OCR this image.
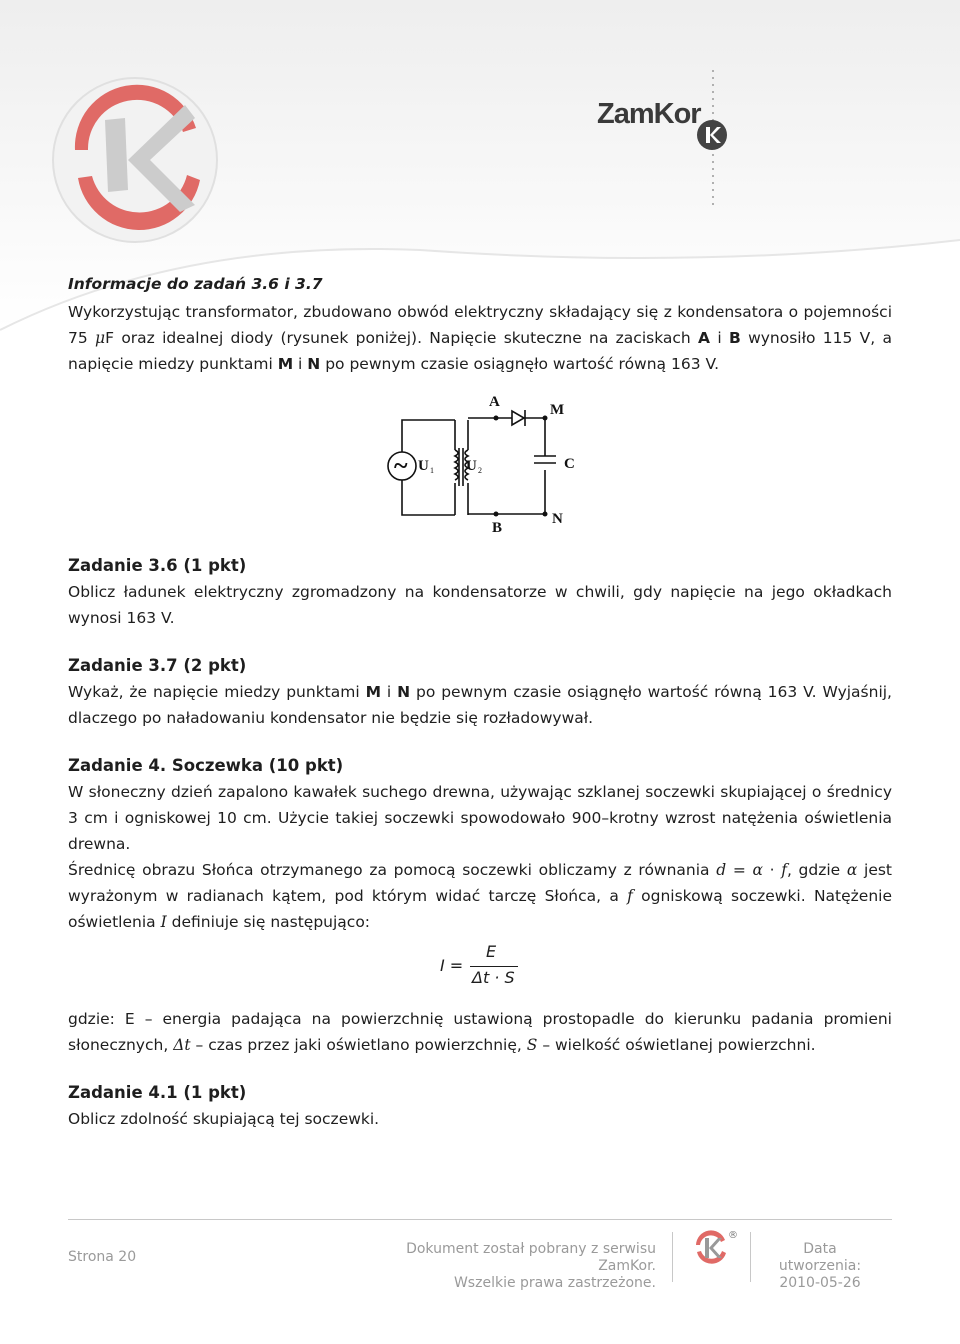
ZamKor

Informacje do zadań 3.6 i 3.7

Wykorzystując transformator, zbudowano obwód elektryczny składający się z kondensatora o pojemności 75 μF oraz idealnej diody (rysunek poniżej). Napięcie skuteczne na zaciskach A i B wynosiło 115 V, a napięcie miedzy punktami M i N po pewnym czasie osiągnęło wartość równą 163 V.

~ U 1 U 2
A	M
C
N
B

Zadanie 3.6 (1 pkt)

Oblicz ładunek elektryczny zgromadzony na kondensatorze w chwili, gdy napięcie na jego okładkach wynosi 163 V.

Zadanie 3.7 (2 pkt)

Wykaż, że napięcie miedzy punktami M i N po pewnym czasie osiągnęło wartość równą 163 V. Wyjaśnij, dlaczego po naładowaniu kondensator nie będzie się rozładowywał.

Zadanie 4. Soczewka (10 pkt)

W słoneczny dzień zapalono kawałek suchego drewna, używając szklanej soczewki skupiającej o średnicy 3 cm i ogniskowej 10 cm. Użycie takiej soczewki spowodowało 900–krotny wzrost natężenia oświetlenia drewna.

Średnicę obrazu Słońca otrzymanego za pomocą soczewki obliczamy z równania d = α · f, gdzie α jest wyrażonym w radianach kątem, pod którym widać tarczę Słońca, a f ogniskową soczewki. Natężenie oświetlenia I definiuje się następująco:

I =
E
Δt · S

gdzie: E – energia padająca na powierzchnię ustawioną prostopadle do kierunku padania promieni słonecznych, Δt – czas przez jaki oświetlano powierzchnię, S – wielkość oświetlanej powierzchni.

Zadanie 4.1 (1 pkt)

Oblicz zdolność skupiającą tej soczewki.

Strona 20	Dokument został pobrany z serwisu ZamKor.
Wszelkie prawa zastrzeżone.
®
Data utworzenia:
2010-05-26
